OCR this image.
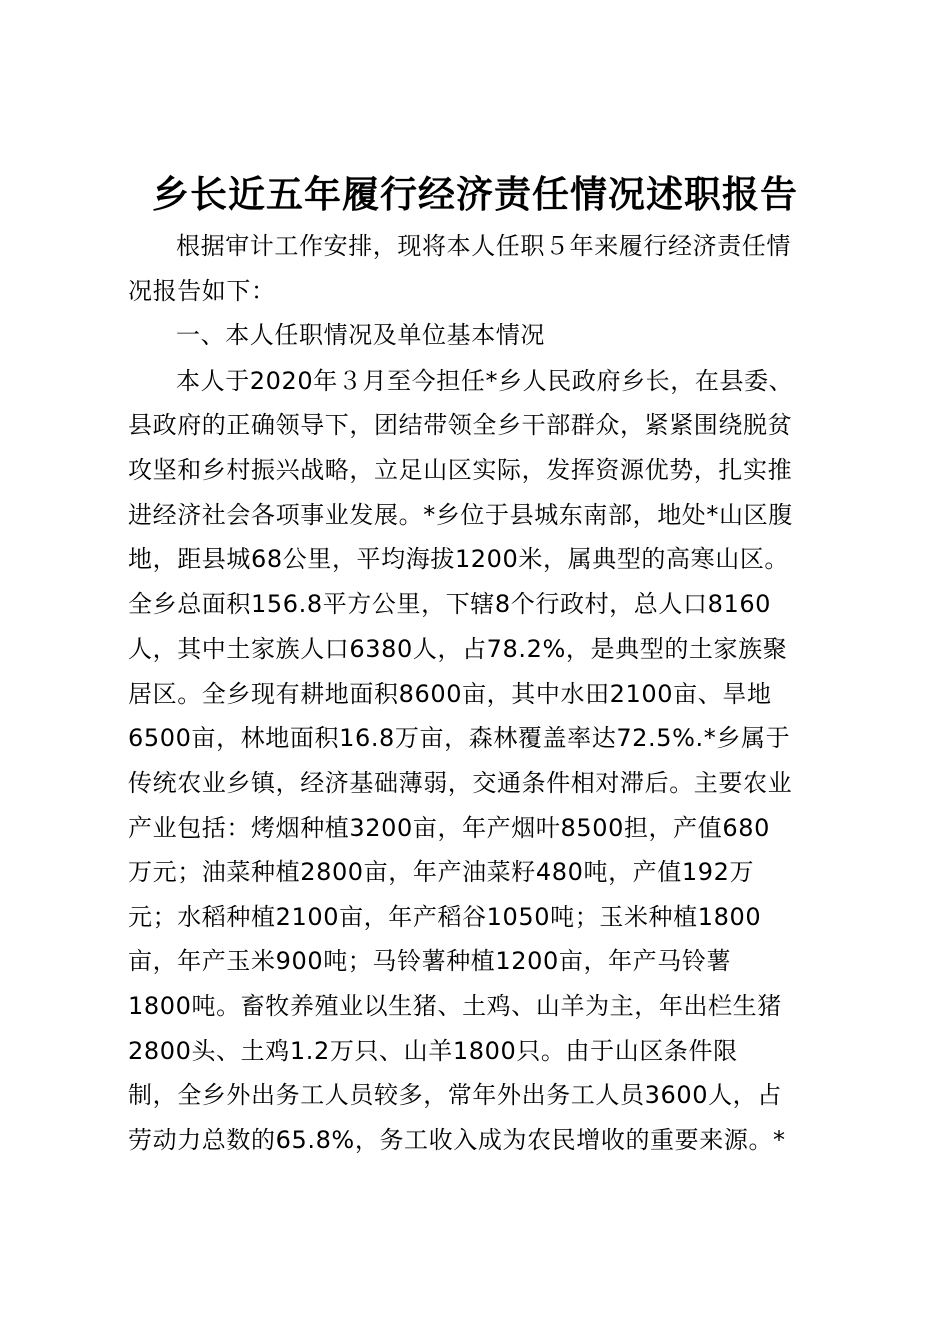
乡长近五年履行经济责任情况述职报告
根据审计工作安排，现将本人任职５年来履行经济责任情
况报告如下：
一、本人任职情况及单位基本情况
本人于2020年３月至今担任*乡人民政府乡长，在县委、
县政府的正确领导下，团结带领全乡干部群众，紧紧围绕脱贫
攻坚和乡村振兴战略，立足山区实际，发挥资源优势，扎实推
进经济社会各项事业发展。*乡位于县城东南部，地处*山区腹
地，距县城68公里，平均海拔1200米，属典型的高寒山区。
全乡总面积156.8平方公里，下辖8个行政村，总人口8160
人，其中土家族人口6380人，占78.2%，是典型的土家族聚
居区。全乡现有耕地面积8600亩，其中水田2100亩、旱地
6500亩，林地面积16.8万亩，森林覆盖率达72.5%.*乡属于
传统农业乡镇，经济基础薄弱，交通条件相对滞后。主要农业
产业包括：烤烟种植3200亩，年产烟叶8500担，产值680
万元；油菜种植2800亩，年产油菜籽480吨，产值192万
元；水稻种植2100亩，年产稻谷1050吨；玉米种植1800
亩，年产玉米900吨；马铃薯种植1200亩，年产马铃薯
1800吨。畜牧养殖业以生猪、土鸡、山羊为主，年出栏生猪
2800头、土鸡1.2万只、山羊1800只。由于山区条件限
制，全乡外出务工人员较多，常年外出务工人员3600人，占
劳动力总数的65.8%，务工收入成为农民增收的重要来源。*
